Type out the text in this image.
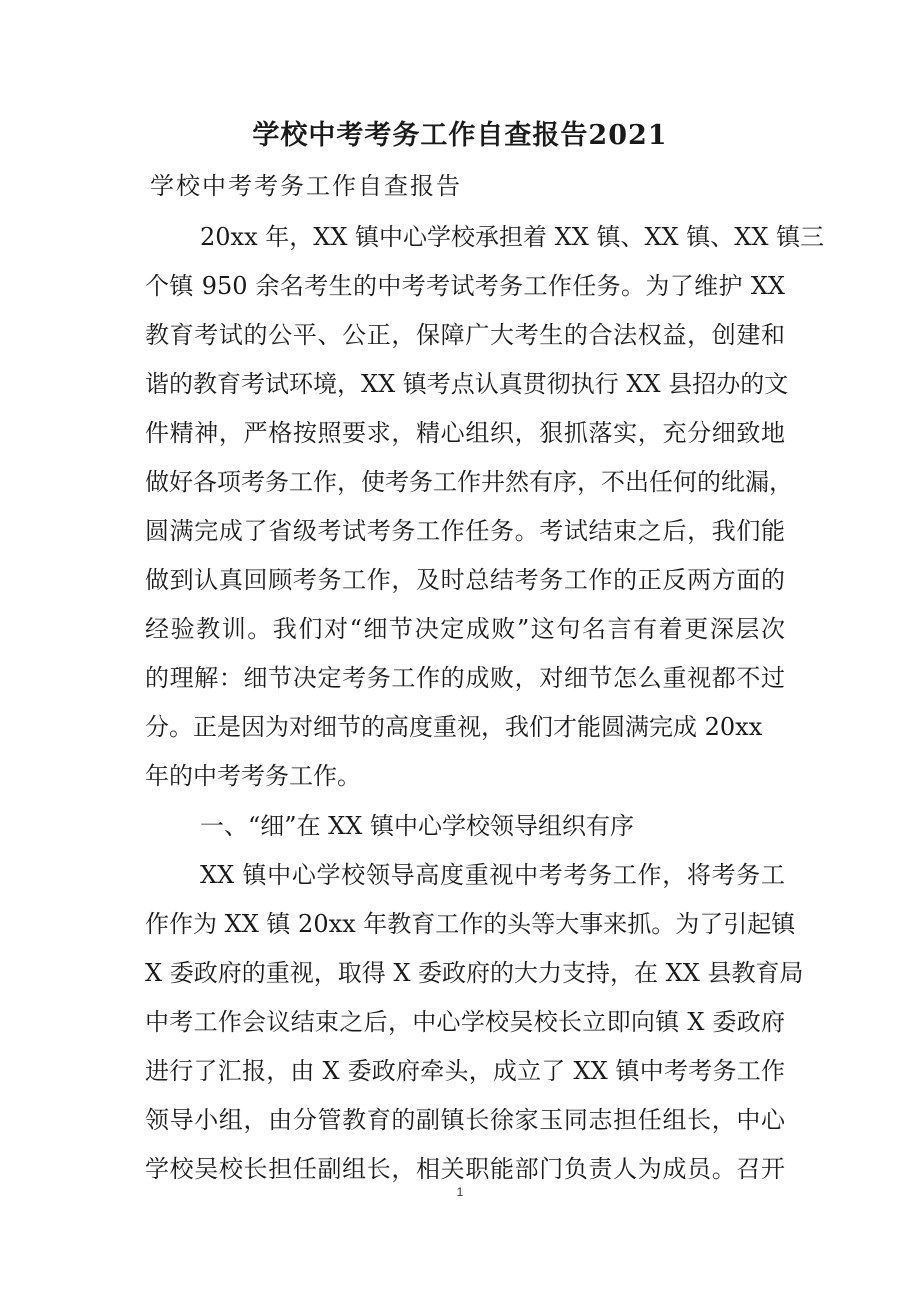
学校中考考务工作自查报告2021
学校中考考务工作自查报告
20xx 年，XX 镇中心学校承担着 XX 镇、XX 镇、XX 镇三
个镇 950 余名考生的中考考试考务工作任务。为了维护 XX
教育考试的公平、公正，保障广大考生的合法权益，创建和
谐的教育考试环境，XX 镇考点认真贯彻执行 XX 县招办的文
件精神，严格按照要求，精心组织，狠抓落实，充分细致地
做好各项考务工作，使考务工作井然有序，不出任何的纰漏，
圆满完成了省级考试考务工作任务。考试结束之后，我们能
做到认真回顾考务工作，及时总结考务工作的正反两方面的
经验教训。我们对“细节决定成败”这句名言有着更深层次
的理解：细节决定考务工作的成败，对细节怎么重视都不过
分。正是因为对细节的高度重视，我们才能圆满完成 20xx
年的中考考务工作。
一、“细”在 XX 镇中心学校领导组织有序
XX 镇中心学校领导高度重视中考考务工作，将考务工
作作为 XX 镇 20xx 年教育工作的头等大事来抓。为了引起镇
X 委政府的重视，取得 X 委政府的大力支持，在 XX 县教育局
中考工作会议结束之后，中心学校吴校长立即向镇 X 委政府
进行了汇报，由 X 委政府牵头，成立了 XX 镇中考考务工作
领导小组，由分管教育的副镇长徐家玉同志担任组长，中心
学校吴校长担任副组长，相关职能部门负责人为成员。召开
1
